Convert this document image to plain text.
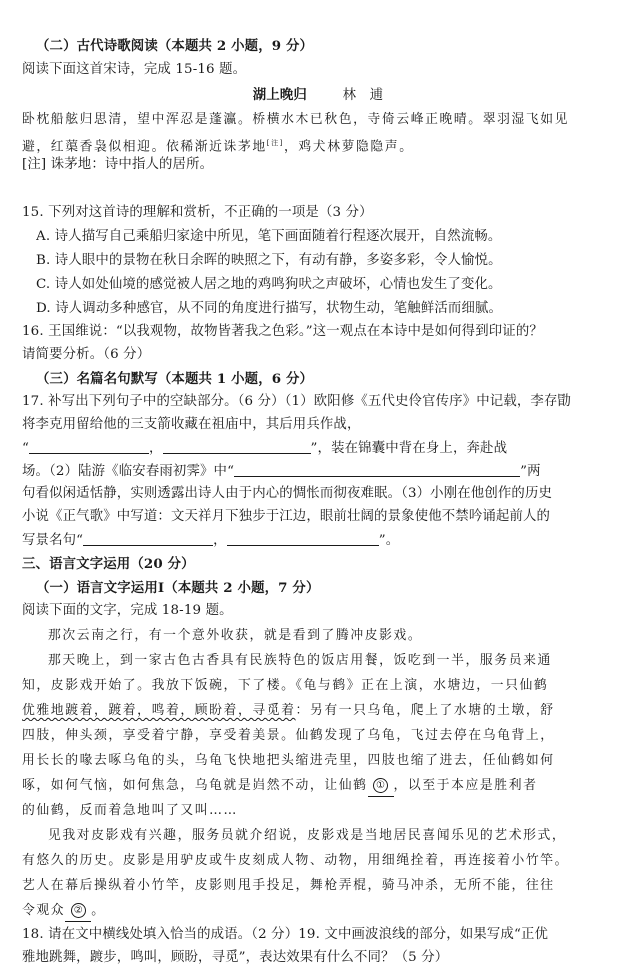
（二）古代诗歌阅读（本题共 2 小题，9 分）
阅读下面这首宋诗，完成 15-16 题。
湖上晚归	林　逋
卧枕船舷归思清，望中浑忍是蓬瀛。桥横水木已秋色，寺倚云峰正晚晴。翠羽湿飞如见
避，红蕖香袅似相迎。依稀渐近诛茅地[注]，鸡犬林萝隐隐声。
[注] 诛茅地：诗中指人的居所。
15. 下列对这首诗的理解和赏析，不正确的一项是（3 分）
A. 诗人描写自己乘船归家途中所见，笔下画面随着行程逐次展开，自然流畅。
B. 诗人眼中的景物在秋日余晖的映照之下，有动有静，多姿多彩，令人愉悦。
C. 诗人如处仙境的感觉被人居之地的鸡鸣狗吠之声破坏，心情也发生了变化。
D. 诗人调动多种感官，从不同的角度进行描写，状物生动，笔触鲜活而细腻。
16. 王国维说：“以我观物，故物皆著我之色彩。”这一观点在本诗中是如何得到印证的？
请简要分析。（6 分）
（三）名篇名句默写（本题共 1 小题，6 分）
17. 补写出下列句子中的空缺部分。（6 分）（1）欧阳修《五代史伶官传序》中记载，李存勖
将李克用留给他的三支箭收藏在祖庙中，其后用兵作战，
“	，	”，装在锦囊中背在身上，奔赴战
场。（2）陆游《临安春雨初霁》中“	”两
句看似闲适恬静，实则透露出诗人由于内心的惆怅而彻夜难眠。（3）小刚在他创作的历史
小说《正气歌》中写道：文天祥月下独步于江边，眼前壮阔的景象使他不禁吟诵起前人的
写景名句“	，	”。
三、语言文字运用（20 分）
（一）语言文字运用Ⅰ（本题共 2 小题，7 分）
阅读下面的文字，完成 18-19 题。
那次云南之行，有一个意外收获，就是看到了腾冲皮影戏。
那天晚上，到一家古色古香具有民族特色的饭店用餐，饭吃到一半，服务员来通
知，皮影戏开始了。我放下饭碗，下了楼。《龟与鹤》正在上演，水塘边，一只仙鹤
优雅地踱着，踱着，鸣着，顾盼着，寻觅着：另有一只乌龟，爬上了水塘的土墩，舒
四肢，伸头颈，享受着宁静，享受着美景。仙鹤发现了乌龟，飞过去停在乌龟背上，
用长长的喙去啄乌龟的头，乌龟飞快地把头缩进壳里，四肢也缩了进去，任仙鹤如何
啄，如何气恼，如何焦急，乌龟就是岿然不动，让仙鹤 ① ，以至于本应是胜利者
的仙鹤，反而着急地叫了又叫……
见我对皮影戏有兴趣，服务员就介绍说，皮影戏是当地居民喜闻乐见的艺术形式，
有悠久的历史。皮影是用驴皮或牛皮刻成人物、动物，用细绳拴着，再连接着小竹竿。
艺人在幕后操纵着小竹竿，皮影则甩手投足，舞枪弄棍，骑马冲杀，无所不能，往往
令观众 ② 。
18. 请在文中横线处填入恰当的成语。（2 分）19. 文中画波浪线的部分，如果写成“正优
雅地跳舞，踱步，鸣叫，顾盼，寻觅”，表达效果有什么不同？（5 分）
